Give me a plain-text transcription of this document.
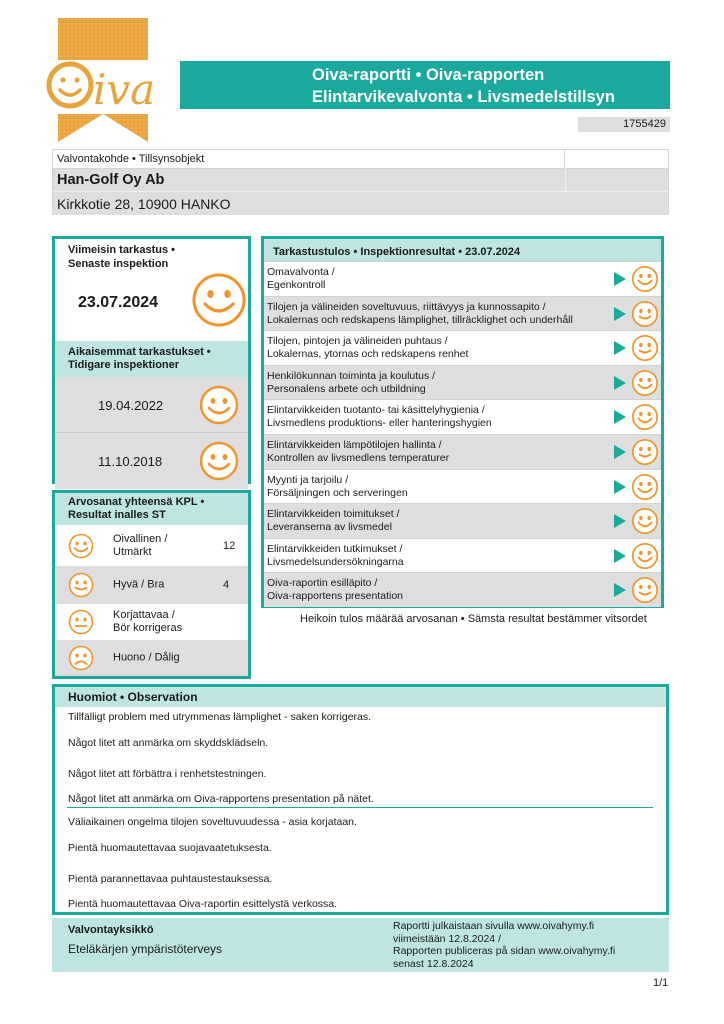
iva	Oiva-raportti • Oiva-rapporten
Elintarvikevalvonta • Livsmedelstillsyn
1755429
Valvontakohde • Tillsynsobjekt
Han-Golf Oy Ab
Kirkkotie 28, 10900 HANKO
Viimeisin tarkastus •
Senaste inspektion
23.07.2024
Aikaisemmat tarkastukset •
Tidigare inspektioner
19.04.2022
11.10.2018
Arvosanat yhteensä KPL •
Resultat inalles ST
Oivallinen /
Utmärkt	12
Hyvä / Bra	4
Korjattavaa /
Bör korrigeras
Huono / Dålig
Tarkastustulos • Inspektionresultat • 23.07.2024
Omavalvonta /
Egenkontroll
Tilojen ja välineiden soveltuvuus, riittävyys ja kunnossapito /
Lokalernas och redskapens lämplighet, tillräcklighet och underhåll
Tilojen, pintojen ja välineiden puhtaus /
Lokalernas, ytornas och redskapens renhet
Henkilökunnan toiminta ja koulutus /
Personalens arbete och utbildning
Elintarvikkeiden tuotanto- tai käsittelyhygienia /
Livsmedlens produktions- eller hanteringshygien
Elintarvikkeiden lämpötilojen hallinta /
Kontrollen av livsmedlens temperaturer
Myynti ja tarjoilu /
Försäljningen och serveringen
Elintarvikkeiden toimitukset /
Leveranserna av livsmedel
Elintarvikkeiden tutkimukset /
Livsmedelsundersökningarna
Oiva-raportin esilläpito /
Oiva-rapportens presentation
Heikoin tulos määrää arvosanan • Sämsta resultat bestämmer vitsordet
Huomiot • Observation
Tillfälligt problem med utrymmenas lämplighet - saken korrigeras.
Något litet att anmärka om skyddsklädseln.
Något litet att förbättra i renhetstestningen.
Något litet att anmärka om Oiva-rapportens presentation på nätet.
Väliaikainen ongelma tilojen soveltuvuudessa - asia korjataan.
Pientä huomautettavaa suojavaatetuksesta.
Pientä parannettavaa puhtaustestauksessa.
Pientä huomautettavaa Oiva-raportin esittelystä verkossa.
Valvontayksikkö
Eteläkärjen ympäristöterveys
Raportti julkaistaan sivulla www.oivahymy.fi
viimeistään 12.8.2024 /
Rapporten publiceras på sidan www.oivahymy.fi
senast 12.8.2024
1/1
